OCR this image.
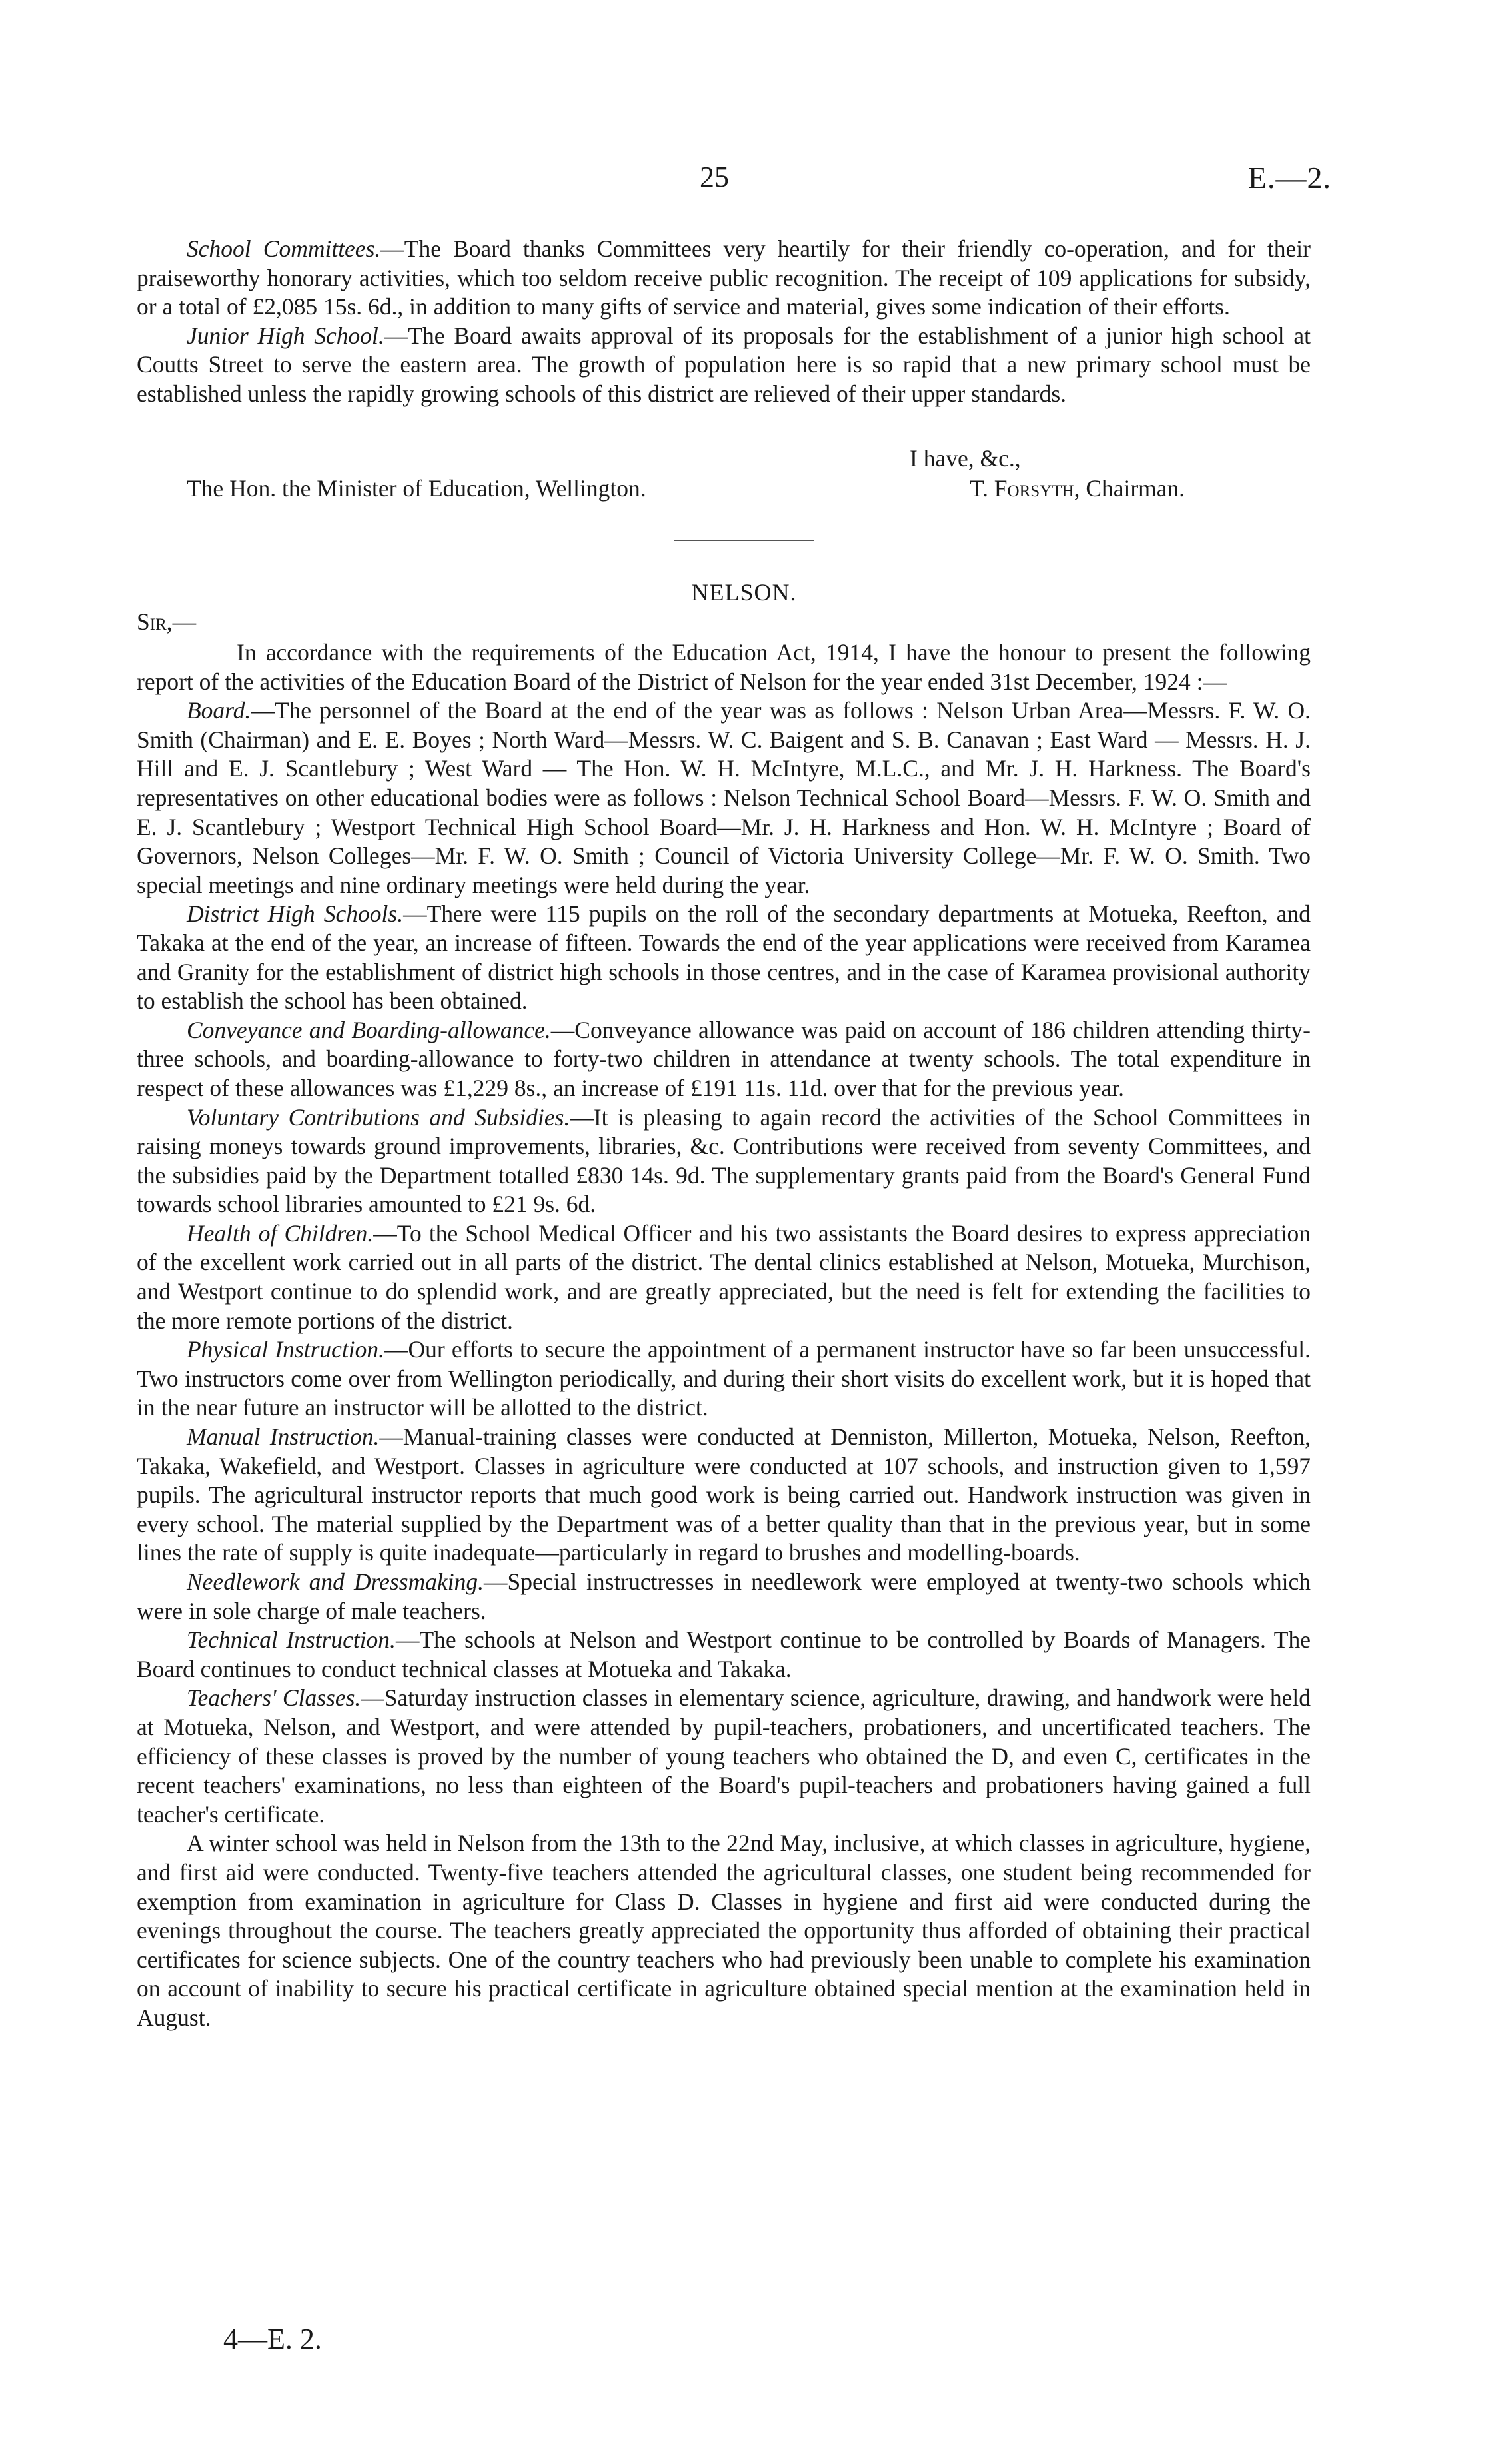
25	E.—2.

School Committees.—The Board thanks Committees very heartily for their friendly co-operation, and for their praiseworthy honorary activities, which too seldom receive public recognition. The receipt of 109 applications for subsidy, or a total of £2,085 15s. 6d., in addition to many gifts of service and material, gives some indication of their efforts.

Junior High School.—The Board awaits approval of its proposals for the establishment of a junior high school at Coutts Street to serve the eastern area. The growth of population here is so rapid that a new primary school must be established unless the rapidly growing schools of this district are relieved of their upper standards.

I have, &c.,
The Hon. the Minister of Education, Wellington.	T. Forsyth, Chairman.
NELSON.
Sir,—

In accordance with the requirements of the Education Act, 1914, I have the honour to present the following report of the activities of the Education Board of the District of Nelson for the year ended 31st December, 1924 :—

Board.—The personnel of the Board at the end of the year was as follows : Nelson Urban Area—Messrs. F. W. O. Smith (Chairman) and E. E. Boyes ; North Ward—Messrs. W. C. Baigent and S. B. Canavan ; East Ward — Messrs. H. J. Hill and E. J. Scantlebury ; West Ward — The Hon. W. H. McIntyre, M.L.C., and Mr. J. H. Harkness. The Board's representatives on other educational bodies were as follows : Nelson Technical School Board—Messrs. F. W. O. Smith and E. J. Scantlebury ; Westport Technical High School Board—Mr. J. H. Harkness and Hon. W. H. McIntyre ; Board of Governors, Nelson Colleges—Mr. F. W. O. Smith ; Council of Victoria University College—Mr. F. W. O. Smith. Two special meetings and nine ordinary meetings were held during the year.

District High Schools.—There were 115 pupils on the roll of the secondary departments at Motueka, Reefton, and Takaka at the end of the year, an increase of fifteen. Towards the end of the year applications were received from Karamea and Granity for the establishment of district high schools in those centres, and in the case of Karamea provisional authority to establish the school has been obtained.

Conveyance and Boarding-allowance.—Conveyance allowance was paid on account of 186 children attending thirty-three schools, and boarding-allowance to forty-two children in attendance at twenty schools. The total expenditure in respect of these allowances was £1,229 8s., an increase of £191 11s. 11d. over that for the previous year.

Voluntary Contributions and Subsidies.—It is pleasing to again record the activities of the School Committees in raising moneys towards ground improvements, libraries, &c. Contributions were received from seventy Committees, and the subsidies paid by the Department totalled £830 14s. 9d. The supplementary grants paid from the Board's General Fund towards school libraries amounted to £21 9s. 6d.

Health of Children.—To the School Medical Officer and his two assistants the Board desires to express appreciation of the excellent work carried out in all parts of the district. The dental clinics established at Nelson, Motueka, Murchison, and Westport continue to do splendid work, and are greatly appreciated, but the need is felt for extending the facilities to the more remote portions of the district.

Physical Instruction.—Our efforts to secure the appointment of a permanent instructor have so far been unsuccessful. Two instructors come over from Wellington periodically, and during their short visits do excellent work, but it is hoped that in the near future an instructor will be allotted to the district.

Manual Instruction.—Manual-training classes were conducted at Denniston, Millerton, Motueka, Nelson, Reefton, Takaka, Wakefield, and Westport. Classes in agriculture were conducted at 107 schools, and instruction given to 1,597 pupils. The agricultural instructor reports that much good work is being carried out. Handwork instruction was given in every school. The material supplied by the Department was of a better quality than that in the previous year, but in some lines the rate of supply is quite inadequate—particularly in regard to brushes and modelling-boards.

Needlework and Dressmaking.—Special instructresses in needlework were employed at twenty-two schools which were in sole charge of male teachers.

Technical Instruction.—The schools at Nelson and Westport continue to be controlled by Boards of Managers. The Board continues to conduct technical classes at Motueka and Takaka.

Teachers' Classes.—Saturday instruction classes in elementary science, agriculture, drawing, and handwork were held at Motueka, Nelson, and Westport, and were attended by pupil-teachers, probationers, and uncertificated teachers. The efficiency of these classes is proved by the number of young teachers who obtained the D, and even C, certificates in the recent teachers' examinations, no less than eighteen of the Board's pupil-teachers and probationers having gained a full teacher's certificate.

A winter school was held in Nelson from the 13th to the 22nd May, inclusive, at which classes in agriculture, hygiene, and first aid were conducted. Twenty-five teachers attended the agricultural classes, one student being recommended for exemption from examination in agriculture for Class D. Classes in hygiene and first aid were conducted during the evenings throughout the course. The teachers greatly appreciated the opportunity thus afforded of obtaining their practical certificates for science subjects. One of the country teachers who had previously been unable to complete his examination on account of inability to secure his practical certificate in agriculture obtained special mention at the examination held in August.

4—E. 2.
